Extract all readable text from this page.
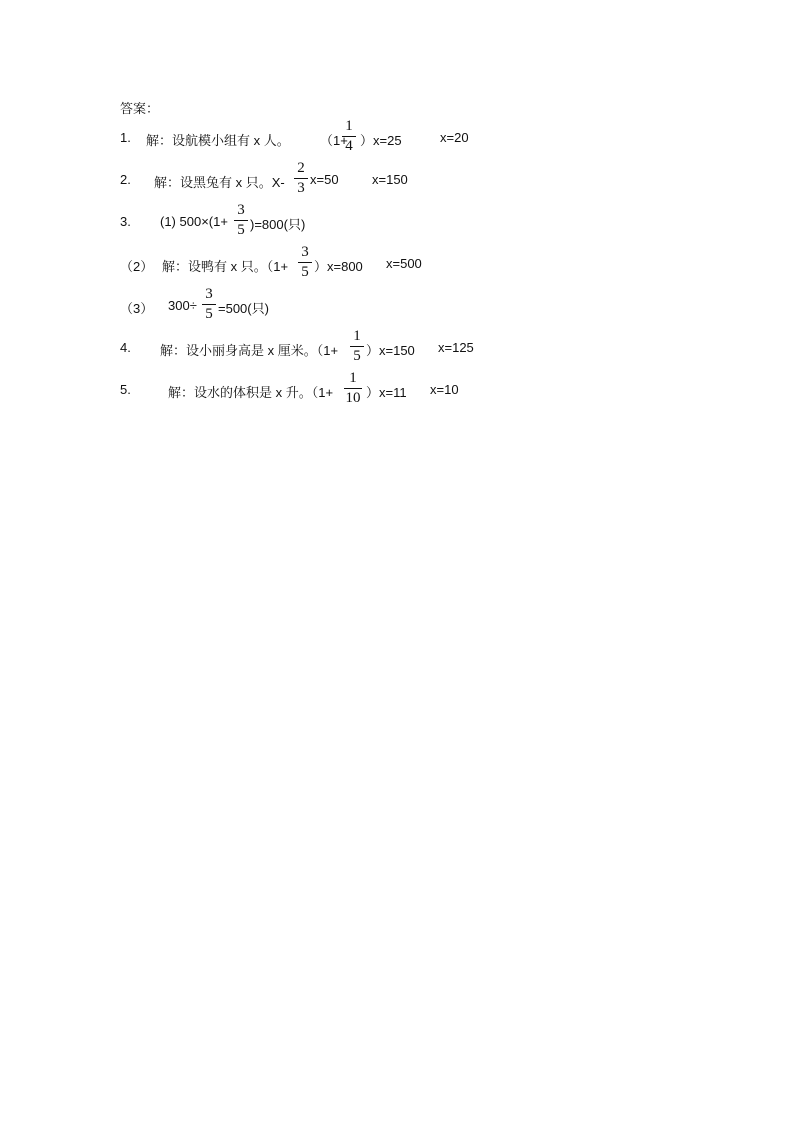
答案：
1. 解：设航模小组有 x 人。 （1+
1
4 ）x=25	x=20
2. 解：设黑兔有 x 只。X-
2
3
x=50	x=150
3. (1) 500×(1+
3
5 )=800(只)
（2） 解：设鸭有 x 只。（1+
3
5 ）x=800 x=500
（3） 300÷
3
5 =500(只)
4. 解：设小丽身高是 x 厘米。（1+
1
5 ）x=150 x=125
5.	解：设水的体积是 x 升。（1+
1
10 ）x=11 x=10
